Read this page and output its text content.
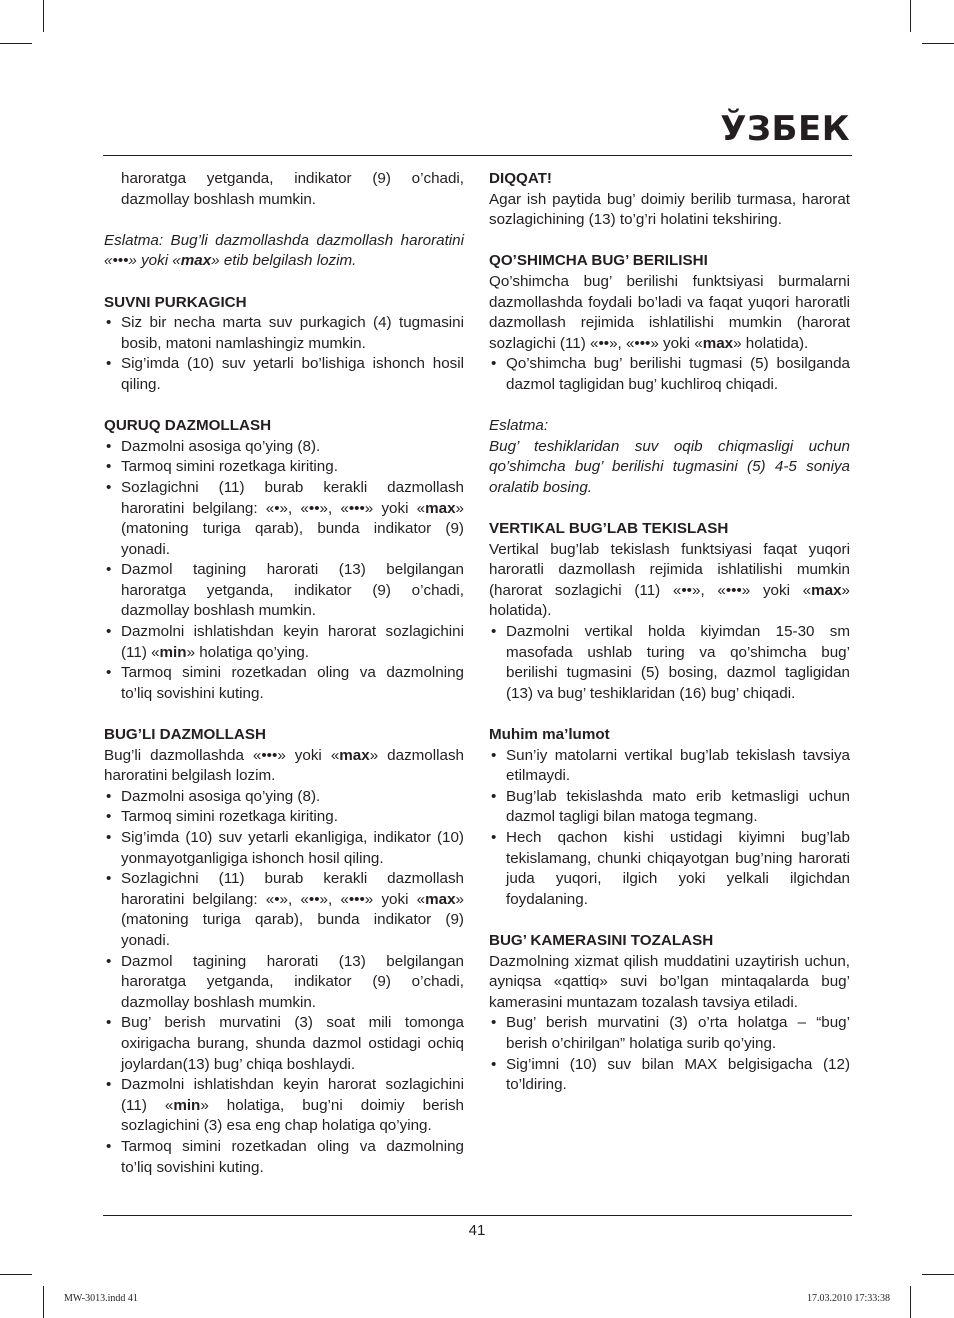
ЎЗБЕК

haroratga yetganda, indikator (9) o’chadi, dazmollay boshlash mumkin.

Eslatma: Bug’li dazmollashda dazmollash haroratini «•••» yoki «max» etib belgilash lozim.

SUVNI PURKAGICH
• Siz bir necha marta suv purkagich (4) tugmasini bosib, matoni namlashingiz mumkin.
• Sig’imda (10) suv yetarli bo’lishiga ishonch hosil qiling.
QURUQ DAZMOLLASH
• Dazmolni asosiga qo’ying (8).
• Tarmoq simini rozetkaga kiriting.
• Sozlagichni (11) burab kerakli dazmollash haroratini belgilang: «•», «••», «•••» yoki «max» (matoning turiga qarab), bunda indikator (9) yonadi.
• Dazmol tagining harorati (13) belgilangan haroratga yetganda, indikator (9) o’chadi, dazmollay boshlash mumkin.
• Dazmolni ishlatishdan keyin harorat sozlagichini (11) «min» holatiga qo’ying.
• Tarmoq simini rozetkadan oling va dazmolning to’liq sovishini kuting.
BUG’LI DAZMOLLASH

Bug’li dazmollashda «•••» yoki «max» dazmollash haroratini belgilash lozim.

• Dazmolni asosiga qo’ying (8).
• Tarmoq simini rozetkaga kiriting.
• Sig’imda (10) suv yetarli ekanligiga, indikator (10) yonmayotganligiga ishonch hosil qiling.
• Sozlagichni (11) burab kerakli dazmollash haroratini belgilang: «•», «••», «•••» yoki «max» (matoning turiga qarab), bunda indikator (9) yonadi.
• Dazmol tagining harorati (13) belgilangan haroratga yetganda, indikator (9) o’chadi, dazmollay boshlash mumkin.
• Bug’ berish murvatini (3) soat mili tomonga oxirigacha burang, shunda dazmol ostidagi ochiq joylardan(13) bug’ chiqa boshlaydi.
• Dazmolni ishlatishdan keyin harorat sozlagichini (11) «min» holatiga, bug’ni doimiy berish sozlagichini (3) esa eng chap holatiga qo’ying.
• Tarmoq simini rozetkadan oling va dazmolning to’liq sovishini kuting.
DIQQAT!

Agar ish paytida bug’ doimiy berilib turmasa, harorat sozlagichining (13) to’g’ri holatini tekshiring.

QO’SHIMCHA BUG’ BERILISHI

Qo’shimcha bug’ berilishi funktsiyasi burmalarni dazmollashda foydali bo’ladi va faqat yuqori haroratli dazmollash rejimida ishlatilishi mumkin (harorat sozlagichi (11) «••», «•••» yoki «max» holatida).

• Qo’shimcha bug’ berilishi tugmasi (5) bosilganda dazmol tagligidan bug’ kuchliroq chiqadi.

Eslatma:

Bug’ teshiklaridan suv oqib chiqmasligi uchun qo’shimcha bug’ berilishi tugmasini (5) 4-5 soniya oralatib bosing.

VERTIKAL BUG’LAB TEKISLASH

Vertikal bug’lab tekislash funktsiyasi faqat yuqori haroratli dazmollash rejimida ishlatilishi mumkin (harorat sozlagichi (11) «••», «•••» yoki «max» holatida).

• Dazmolni vertikal holda kiyimdan 15-30 sm masofada ushlab turing va qo’shimcha bug’ berilishi tugmasini (5) bosing, dazmol tagligidan (13) va bug’ teshiklaridan (16) bug’ chiqadi.
Muhim ma’lumot
• Sun’iy matolarni vertikal bug’lab tekislash tavsiya etilmaydi.
• Bug’lab tekislashda mato erib ketmasligi uchun dazmol tagligi bilan matoga tegmang.
• Hech qachon kishi ustidagi kiyimni bug’lab tekislamang, chunki chiqayotgan bug’ning harorati juda yuqori, ilgich yoki yelkali ilgichdan foydalaning.
BUG’ KAMERASINI TOZALASH

Dazmolning xizmat qilish muddatini uzaytirish uchun, ayniqsa «qattiq» suvi bo’lgan mintaqalarda bug’ kamerasini muntazam tozalash tavsiya etiladi.

• Bug’ berish murvatini (3) o’rta holatga – “bug’ berish o’chirilgan” holatiga surib qo’ying.
• Sig’imni (10) suv bilan MAX belgisigacha (12) to’ldiring.
41
MW-3013.indd 41	17.03.2010 17:33:38
